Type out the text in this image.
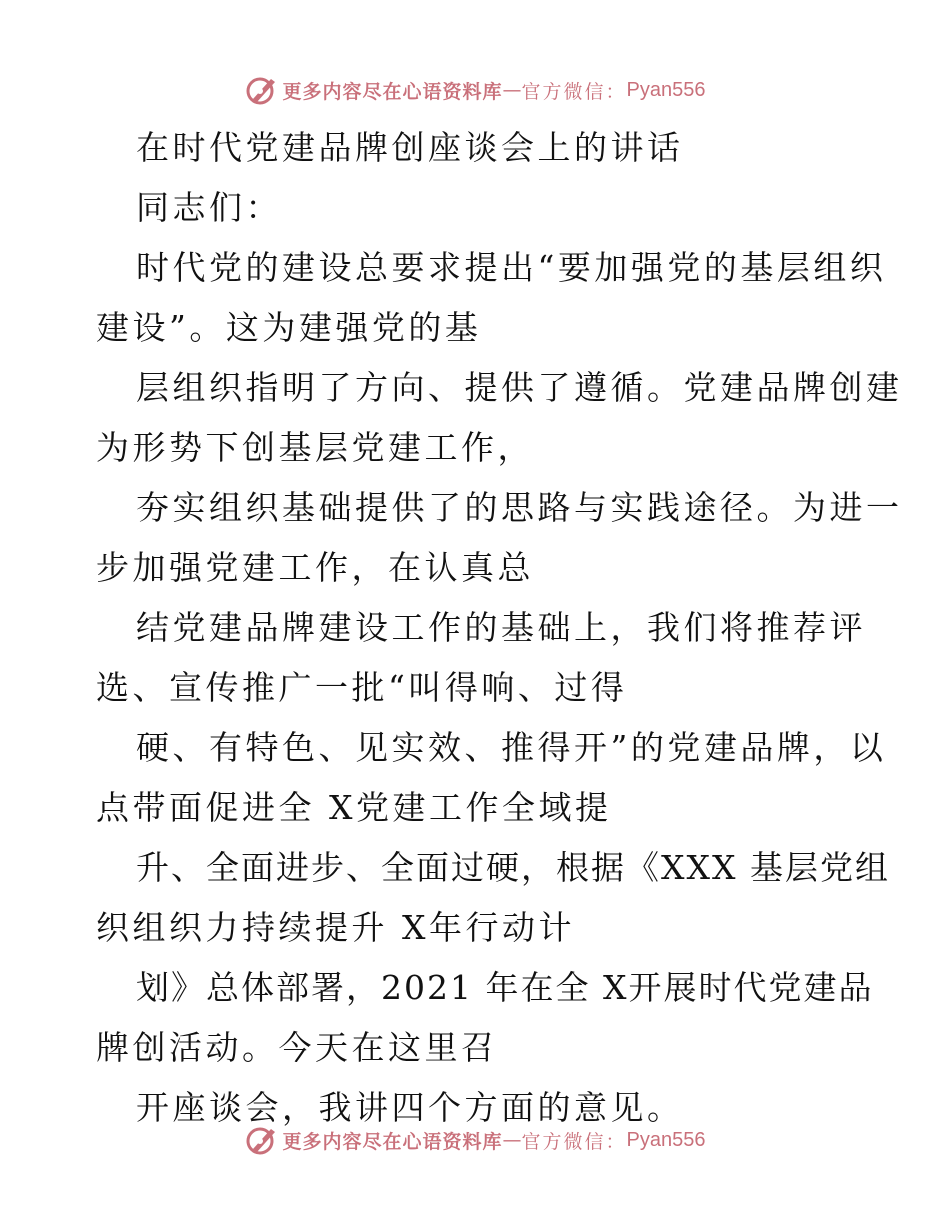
更多内容尽在心语资料库 — 官方微信： Pyan556
在时代党建品牌创座谈会上的讲话
同志们：
时代党的建设总要求提出“要加强党的基层组织
建设”。这为建强党的基
层组织指明了方向、提供了遵循。党建品牌创建
为形势下创基层党建工作，
夯实组织基础提供了的思路与实践途径。为进一
步加强党建工作，在认真总
结党建品牌建设工作的基础上，我们将推荐评
选、宣传推广一批“叫得响、过得
硬、有特色、见实效、推得开”的党建品牌，以
点带面促进全 X党建工作全域提
升、全面进步、全面过硬，根据《XXX 基层党组
织组织力持续提升 X年行动计
划》总体部署，2021 年在全 X开展时代党建品
牌创活动。今天在这里召
开座谈会，我讲四个方面的意见。
更多内容尽在心语资料库 — 官方微信： Pyan556
